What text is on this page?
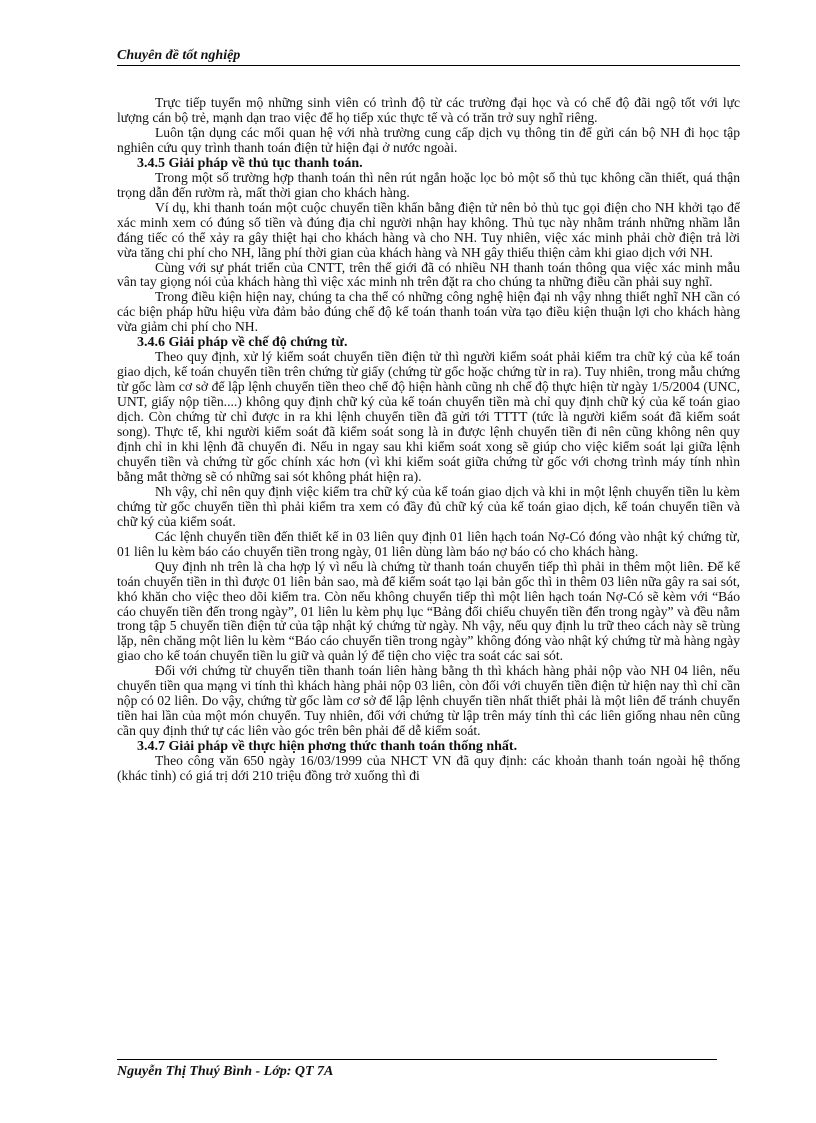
Chuyên đề tốt nghiệp

Trực tiếp tuyển mộ những sinh viên có trình độ từ các trường đại học và có chế độ đãi ngộ tốt với lực lượng cán bộ trẻ, mạnh dạn trao việc để họ tiếp xúc thực tế và có trăn trở suy nghĩ riêng.

Luôn tận dụng các mối quan hệ với nhà trường cung cấp dịch vụ thông tin để gửi cán bộ NH đi học tập nghiên cứu quy trình thanh toán điện tử hiện đại ở nước ngoài.

3.4.5 Giải pháp về thủ tục thanh toán.

Trong một số trường hợp thanh toán thì nên rút ngắn hoặc lọc bỏ một số thủ tục không cần thiết, quá thận trọng dẫn đến rườm rà, mất thời gian cho khách hàng.

Ví dụ, khi thanh toán một cuộc chuyển tiền khẩn bằng điện tử nên bỏ thủ tục gọi điện cho NH khởi tạo để xác minh xem có đúng số tiền và đúng địa chỉ người nhận hay không. Thủ tục này nhằm tránh những nhầm lẫn đáng tiếc có thể xảy ra gây thiệt hại cho khách hàng và cho NH. Tuy nhiên, việc xác minh phải chờ điện trả lời vừa tăng chi phí cho NH, lãng phí thời gian của khách hàng và NH gây thiếu thiện cảm khi giao dịch với NH.

Cùng với sự phát triển của CNTT, trên thế giới đã có nhiều NH thanh toán thông qua việc xác minh mẫu vân tay giọng nói của khách hàng thì việc xác minh nh trên đặt ra cho chúng ta những điều cần phải suy nghĩ.

Trong điều kiện hiện nay, chúng ta cha thể có những công nghệ hiện đại nh vậy nhng thiết nghĩ NH cần có các biện pháp hữu hiệu vừa đảm bảo đúng chế độ kế toán thanh toán vừa tạo điều kiện thuận lợi cho khách hàng vừa giảm chi phí cho NH.

3.4.6 Giải pháp về chế độ chứng từ.

Theo quy định, xử lý kiểm soát chuyển tiền điện tử thì người kiểm soát phải kiểm tra chữ ký của kế toán giao dịch, kế toán chuyển tiền trên chứng từ giấy (chứng từ gốc hoặc chứng từ in ra). Tuy nhiên, trong mẫu chứng từ gốc làm cơ sở để lập lệnh chuyển tiền theo chế độ hiện hành cũng nh chế độ thực hiện từ ngày 1/5/2004 (UNC, UNT, giấy nộp tiền....) không quy định chữ ký của kế toán chuyển tiền mà chỉ quy định chữ ký của kế toán giao dịch. Còn chứng từ chỉ được in ra khi lệnh chuyển tiền đã gửi tới TTTT (tức là người kiểm soát đã kiểm soát song). Thực tế, khi người kiểm soát đã kiểm soát song là in được lệnh chuyển tiền đi nên cũng không nên quy định chỉ in khi lệnh đã chuyển đi. Nếu in ngay sau khi kiểm soát xong sẽ giúp cho việc kiểm soát lại giữa lệnh chuyển tiền và chứng từ gốc chính xác hơn (vì khi kiểm soát giữa chứng từ gốc với chơng trình máy tính nhìn bằng mắt thờng sẽ có những sai sót không phát hiện ra).

Nh vậy, chỉ nên quy định việc kiểm tra chữ ký của kế toán giao dịch và khi in một lệnh chuyển tiền lu kèm chứng từ gốc chuyển tiền thì phải kiểm tra xem có đầy đủ chữ ký của kế toán giao dịch, kế toán chuyển tiền và chữ ký của kiểm soát.

Các lệnh chuyển tiền đến thiết kế in 03 liên quy định 01 liên hạch toán Nợ-Có đóng vào nhật ký chứng từ, 01 liên lu kèm báo cáo chuyển tiền trong ngày, 01 liên dùng làm báo nợ báo có cho khách hàng.

Quy định nh trên là cha hợp lý vì nếu là chứng từ thanh toán chuyển tiếp thì phải in thêm một liên. Để kế toán chuyển tiền in thì được 01 liên bản sao, mà để kiểm soát tạo lại bản gốc thì in thêm 03 liên nữa gây ra sai sót, khó khăn cho việc theo dõi kiểm tra. Còn nếu không chuyển tiếp thì một liên hạch toán Nợ-Có sẽ kèm với “Báo cáo chuyển tiền đến trong ngày”, 01 liên lu kèm phụ lục “Bảng đối chiếu chuyển tiền đến trong ngày” và đều nằm trong tập 5 chuyển tiền điện tử của tập nhật ký chứng từ ngày. Nh vậy, nếu quy định lu trữ theo cách này sẽ trùng lặp, nên chăng một liên lu kèm “Báo cáo chuyển tiền trong ngày” không đóng vào nhật ký chứng từ mà hàng ngày giao cho kế toán chuyển tiền lu giữ và quản lý để tiện cho việc tra soát các sai sót.

Đối với chứng từ chuyển tiền thanh toán liên hàng bằng th thì khách hàng phải nộp vào NH 04 liên, nếu chuyển tiền qua mạng vi tính thì khách hàng phải nộp 03 liên, còn đối với chuyển tiền điện tử hiện nay thì chỉ cần nộp có 02 liên. Do vậy, chứng từ gốc làm cơ sở để lập lệnh chuyển tiền nhất thiết phải là một liên để tránh chuyển tiền hai lần của một món chuyển. Tuy nhiên, đối với chứng từ lập trên máy tính thì các liên giống nhau nên cũng cần quy định thứ tự các liên vào góc trên bên phải để dễ kiểm soát.

3.4.7 Giải pháp về thực hiện phơng thức thanh toán thống nhất.

Theo công văn 650 ngày 16/03/1999 của NHCT VN đã quy định: các khoản thanh toán ngoài hệ thống (khác tỉnh) có giá trị dới 210 triệu đồng trở xuống thì đi

Nguyễn Thị Thuý Bình - Lớp: QT 7A
